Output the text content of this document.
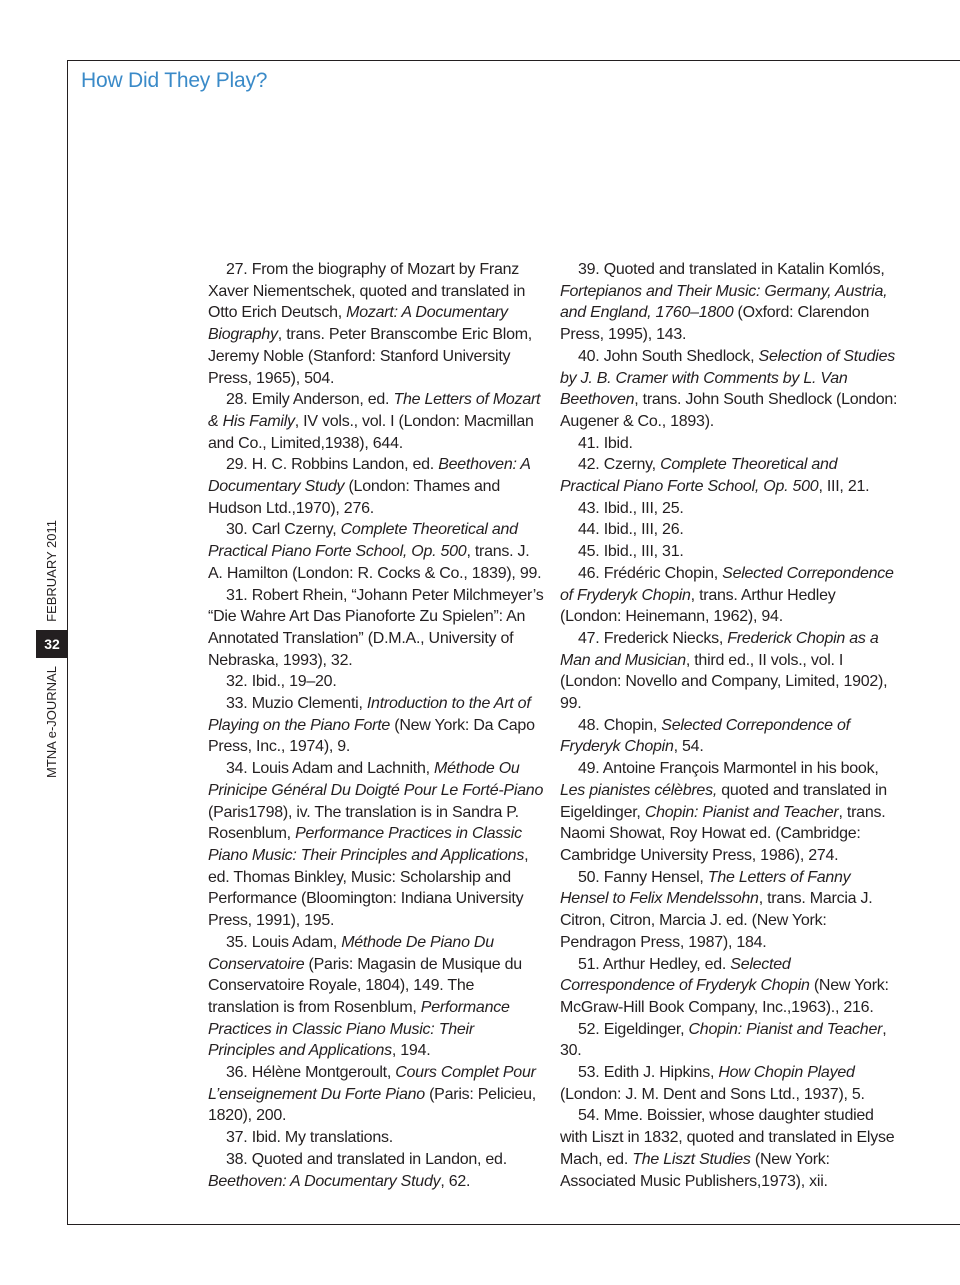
How Did They Play?
MTNA e-JOURNAL
32
FEBRUARY 2011

27. From the biography of Mozart by Franz Xaver Niementschek, quoted and translated in Otto Erich Deutsch, Mozart: A Documentary Biography, trans. Peter Branscombe Eric Blom, Jeremy Noble (Stanford: Stanford University Press, 1965), 504.

28. Emily Anderson, ed. The Letters of Mozart & His Family, IV vols., vol. I (London: Macmillan and Co., Limited,1938), 644.

29. H. C. Robbins Landon, ed. Beethoven: A Documentary Study (London: Thames and Hudson Ltd.,1970), 276.

30. Carl Czerny, Complete Theoretical and Practical Piano Forte School, Op. 500, trans. J. A. Hamilton (London: R. Cocks & Co., 1839), 99.

31. Robert Rhein, “Johann Peter Milchmeyer’s “Die Wahre Art Das Pianoforte Zu Spielen”: An Annotated Translation” (D.M.A., University of Nebraska, 1993), 32.

32. Ibid., 19–20.

33. Muzio Clementi, Introduction to the Art of Playing on the Piano Forte (New York: Da Capo Press, Inc., 1974), 9.

34. Louis Adam and Lachnith, Méthode Ou Prinicipe Général Du Doigté Pour Le Forté-Piano (Paris1798), iv. The translation is in Sandra P. Rosenblum, Performance Practices in Classic Piano Music: Their Principles and Applications, ed. Thomas Binkley, Music: Scholarship and Performance (Bloomington: Indiana University Press, 1991), 195.

35. Louis Adam, Méthode De Piano Du Conservatoire (Paris: Magasin de Musique du Conservatoire Royale, 1804), 149. The translation is from Rosenblum, Performance Practices in Classic Piano Music: Their Principles and Applications, 194.

36. Hélène Montgeroult, Cours Complet Pour L’enseignement Du Forte Piano (Paris: Pelicieu, 1820), 200.

37. Ibid. My translations.

38. Quoted and translated in Landon, ed. Beethoven: A Documentary Study, 62.

39. Quoted and translated in Katalin Komlós, Fortepianos and Their Music: Germany, Austria, and England, 1760–1800 (Oxford: Clarendon Press, 1995), 143.

40. John South Shedlock, Selection of Studies by J. B. Cramer with Comments by L. Van Beethoven, trans. John South Shedlock (London: Augener & Co., 1893).

41. Ibid.

42. Czerny, Complete Theoretical and Practical Piano Forte School, Op. 500, III, 21.

43. Ibid., III, 25.

44. Ibid., III, 26.

45. Ibid., III, 31.

46. Frédéric Chopin, Selected Correpondence of Fryderyk Chopin, trans. Arthur Hedley (London: Heinemann, 1962), 94.

47. Frederick Niecks, Frederick Chopin as a Man and Musician, third ed., II vols., vol. I (London: Novello and Company, Limited, 1902), 99.

48. Chopin, Selected Correpondence of Fryderyk Chopin, 54.

49. Antoine François Marmontel in his book, Les pianistes célèbres, quoted and translated in Eigeldinger, Chopin: Pianist and Teacher, trans. Naomi Showat, Roy Howat ed. (Cambridge: Cambridge University Press, 1986), 274.

50. Fanny Hensel, The Letters of Fanny Hensel to Felix Mendelssohn, trans. Marcia J. Citron, Citron, Marcia J. ed. (New York: Pendragon Press, 1987), 184.

51. Arthur Hedley, ed. Selected Correspondence of Fryderyk Chopin (New York: McGraw-Hill Book Company, Inc.,1963)., 216.

52. Eigeldinger, Chopin: Pianist and Teacher, 30.

53. Edith J. Hipkins, How Chopin Played (London: J. M. Dent and Sons Ltd., 1937), 5.

54. Mme. Boissier, whose daughter studied with Liszt in 1832, quoted and translated in Elyse Mach, ed. The Liszt Studies (New York: Associated Music Publishers,1973), xii.
